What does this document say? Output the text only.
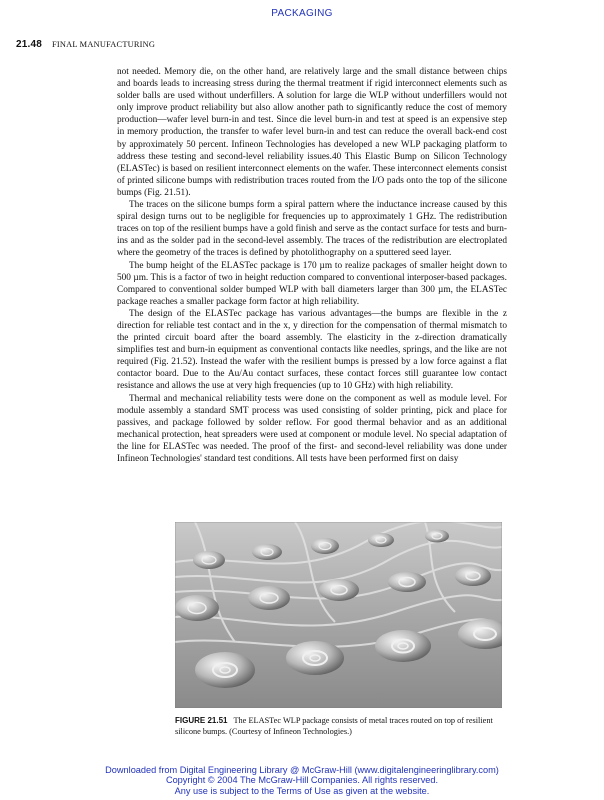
PACKAGING
21.48 FINAL MANUFACTURING

not needed. Memory die, on the other hand, are relatively large and the small distance between chips and boards leads to increasing stress during the thermal treatment if rigid interconnect elements such as solder balls are used without underfillers. A solution for large die WLP without underfillers would not only improve product reliability but also allow another path to significantly reduce the cost of memory production—wafer level burn-in and test. Since die level burn-in and test at speed is an expensive step in memory production, the transfer to wafer level burn-in and test can reduce the overall back-end cost by approximately 50 percent. Infineon Technologies has developed a new WLP packaging platform to address these testing and second-level reliability issues.40 This Elastic Bump on Silicon Technology (ELASTec) is based on resilient interconnect elements on the wafer. These interconnect elements consist of printed silicone bumps with redistribution traces routed from the I/O pads onto the top of the silicone bumps (Fig. 21.51).

The traces on the silicone bumps form a spiral pattern where the inductance increase caused by this spiral design turns out to be negligible for frequencies up to approximately 1 GHz. The redistribution traces on top of the resilient bumps have a gold finish and serve as the contact surface for tests and burn-ins and as the solder pad in the second-level assembly. The traces of the redistribution are electroplated where the geometry of the traces is defined by photolithography on a sputtered seed layer.

The bump height of the ELASTec package is 170 µm to realize packages of smaller height down to 500 µm. This is a factor of two in height reduction compared to conventional interposer-based packages. Compared to conventional solder bumped WLP with ball diameters larger than 300 µm, the ELASTec package reaches a smaller package form factor at high reliability.

The design of the ELASTec package has various advantages—the bumps are flexible in the z direction for reliable test contact and in the x, y direction for the compensation of thermal mismatch to the printed circuit board after the board assembly. The elasticity in the z-direction dramatically simplifies test and burn-in equipment as conventional contacts like needles, springs, and the like are not required (Fig. 21.52). Instead the wafer with the resilient bumps is pressed by a low force against a flat contactor board. Due to the Au/Au contact surfaces, these contact forces still guarantee low contact resistance and allows the use at very high frequencies (up to 10 GHz) with high reliability.

Thermal and mechanical reliability tests were done on the component as well as module level. For module assembly a standard SMT process was used consisting of solder printing, pick and place for passives, and package followed by solder reflow. For good thermal behavior and as an additional mechanical protection, heat spreaders were used at component or module level. No special adaptation of the line for ELASTec was needed. The proof of the first- and second-level reliability was done under Infineon Technologies' standard test conditions. All tests have been performed first on daisy

FIGURE 21.51 The ELASTec WLP package consists of metal traces routed on top of resilient silicone bumps. (Courtesy of Infineon Technologies.)
Downloaded from Digital Engineering Library @ McGraw-Hill (www.digitalengineeringlibrary.com)
Copyright © 2004 The McGraw-Hill Companies. All rights reserved.
Any use is subject to the Terms of Use as given at the website.
